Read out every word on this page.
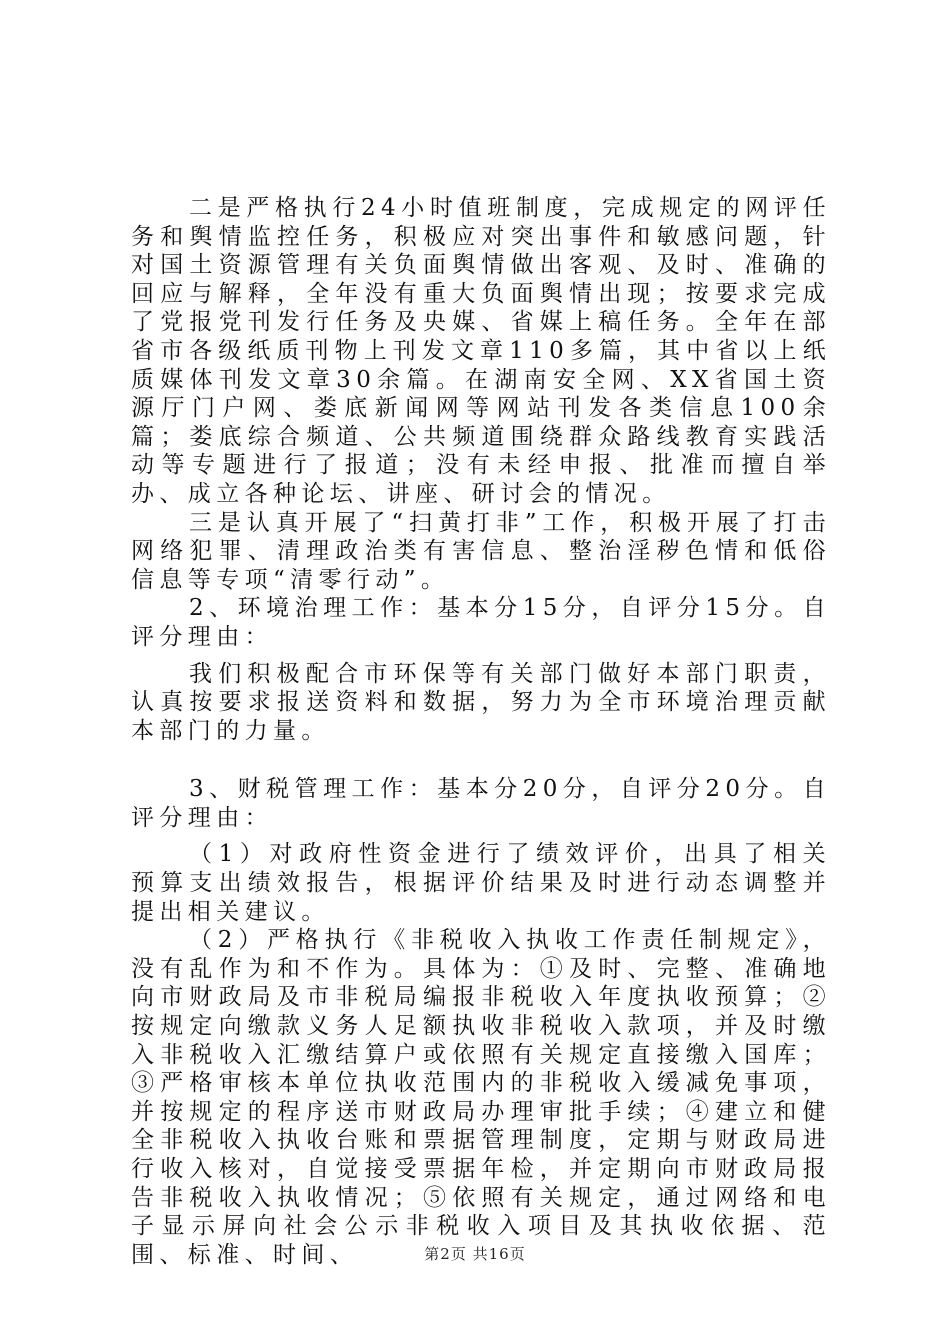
二是严格执行24小时值班制度，完成规定的网评任务和舆情监控任务，积极应对突出事件和敏感问题，针对国土资源管理有关负面舆情做出客观、及时、准确的回应与解释，全年没有重大负面舆情出现；按要求完成了党报党刊发行任务及央媒、省媒上稿任务。全年在部省市各级纸质刊物上刊发文章110多篇，其中省以上纸质媒体刊发文章30余篇。在湖南安全网、XX省国土资源厅门户网、娄底新闻网等网站刊发各类信息100余篇；娄底综合频道、公共频道围绕群众路线教育实践活动等专题进行了报道；没有未经申报、批准而擅自举办、成立各种论坛、讲座、研讨会的情况。

三是认真开展了“扫黄打非”工作，积极开展了打击网络犯罪、清理政治类有害信息、整治淫秽色情和低俗信息等专项“清零行动”。

2、环境治理工作：基本分15分，自评分15分。自评分理由：

我们积极配合市环保等有关部门做好本部门职责，认真按要求报送资料和数据，努力为全市环境治理贡献本部门的力量。

3、财税管理工作：基本分20分，自评分20分。自评分理由：

（1）对政府性资金进行了绩效评价，出具了相关预算支出绩效报告，根据评价结果及时进行动态调整并提出相关建议。

（2）严格执行《非税收入执收工作责任制规定》，没有乱作为和不作为。具体为：①及时、完整、准确地向市财政局及市非税局编报非税收入年度执收预算；②按规定向缴款义务人足额执收非税收入款项，并及时缴入非税收入汇缴结算户或依照有关规定直接缴入国库；③严格审核本单位执收范围内的非税收入缓减免事项，并按规定的程序送市财政局办理审批手续；④建立和健全非税收入执收台账和票据管理制度，定期与财政局进行收入核对，自觉接受票据年检，并定期向市财政局报告非税收入执收情况；⑤依照有关规定，通过网络和电子显示屏向社会公示非税收入项目及其执收依据、范围、标准、时间、	第2页 共16页
